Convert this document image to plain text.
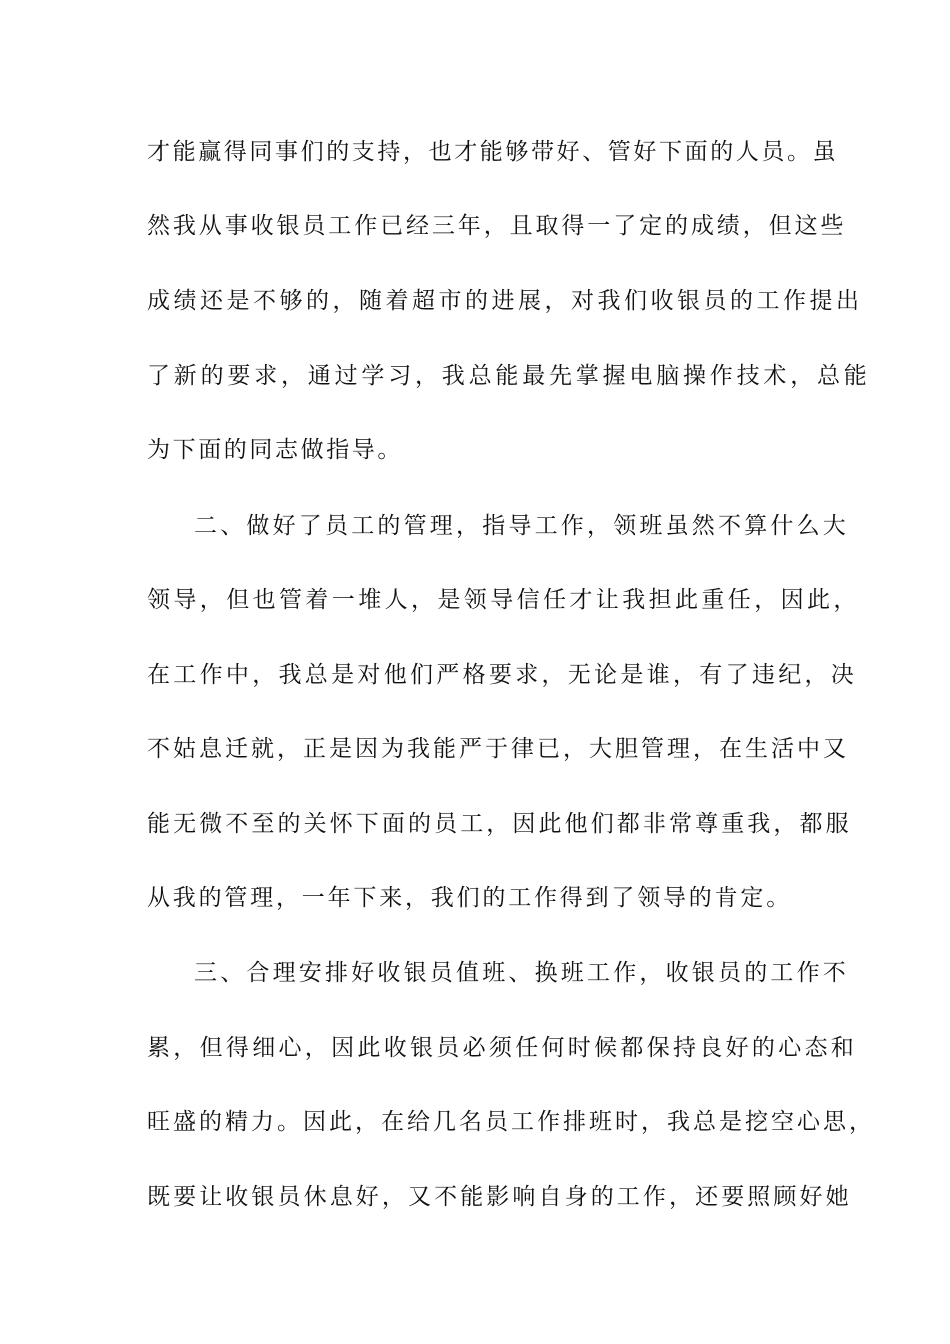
才能赢得同事们的支持，也才能够带好、管好下面的人员。虽
然我从事收银员工作已经三年，且取得一了定的成绩，但这些
成绩还是不够的，随着超市的进展，对我们收银员的工作提出
了新的要求，通过学习，我总能最先掌握电脑操作技术，总能
为下面的同志做指导。
二、做好了员工的管理，指导工作，领班虽然不算什么大
领导，但也管着一堆人，是领导信任才让我担此重任，因此，
在工作中，我总是对他们严格要求，无论是谁，有了违纪，决
不姑息迁就，正是因为我能严于律已，大胆管理，在生活中又
能无微不至的关怀下面的员工，因此他们都非常尊重我，都服
从我的管理，一年下来，我们的工作得到了领导的肯定。
三、合理安排好收银员值班、换班工作，收银员的工作不
累，但得细心，因此收银员必须任何时候都保持良好的心态和
旺盛的精力。因此，在给几名员工作排班时，我总是挖空心思，
既要让收银员休息好，又不能影响自身的工作，还要照顾好她
